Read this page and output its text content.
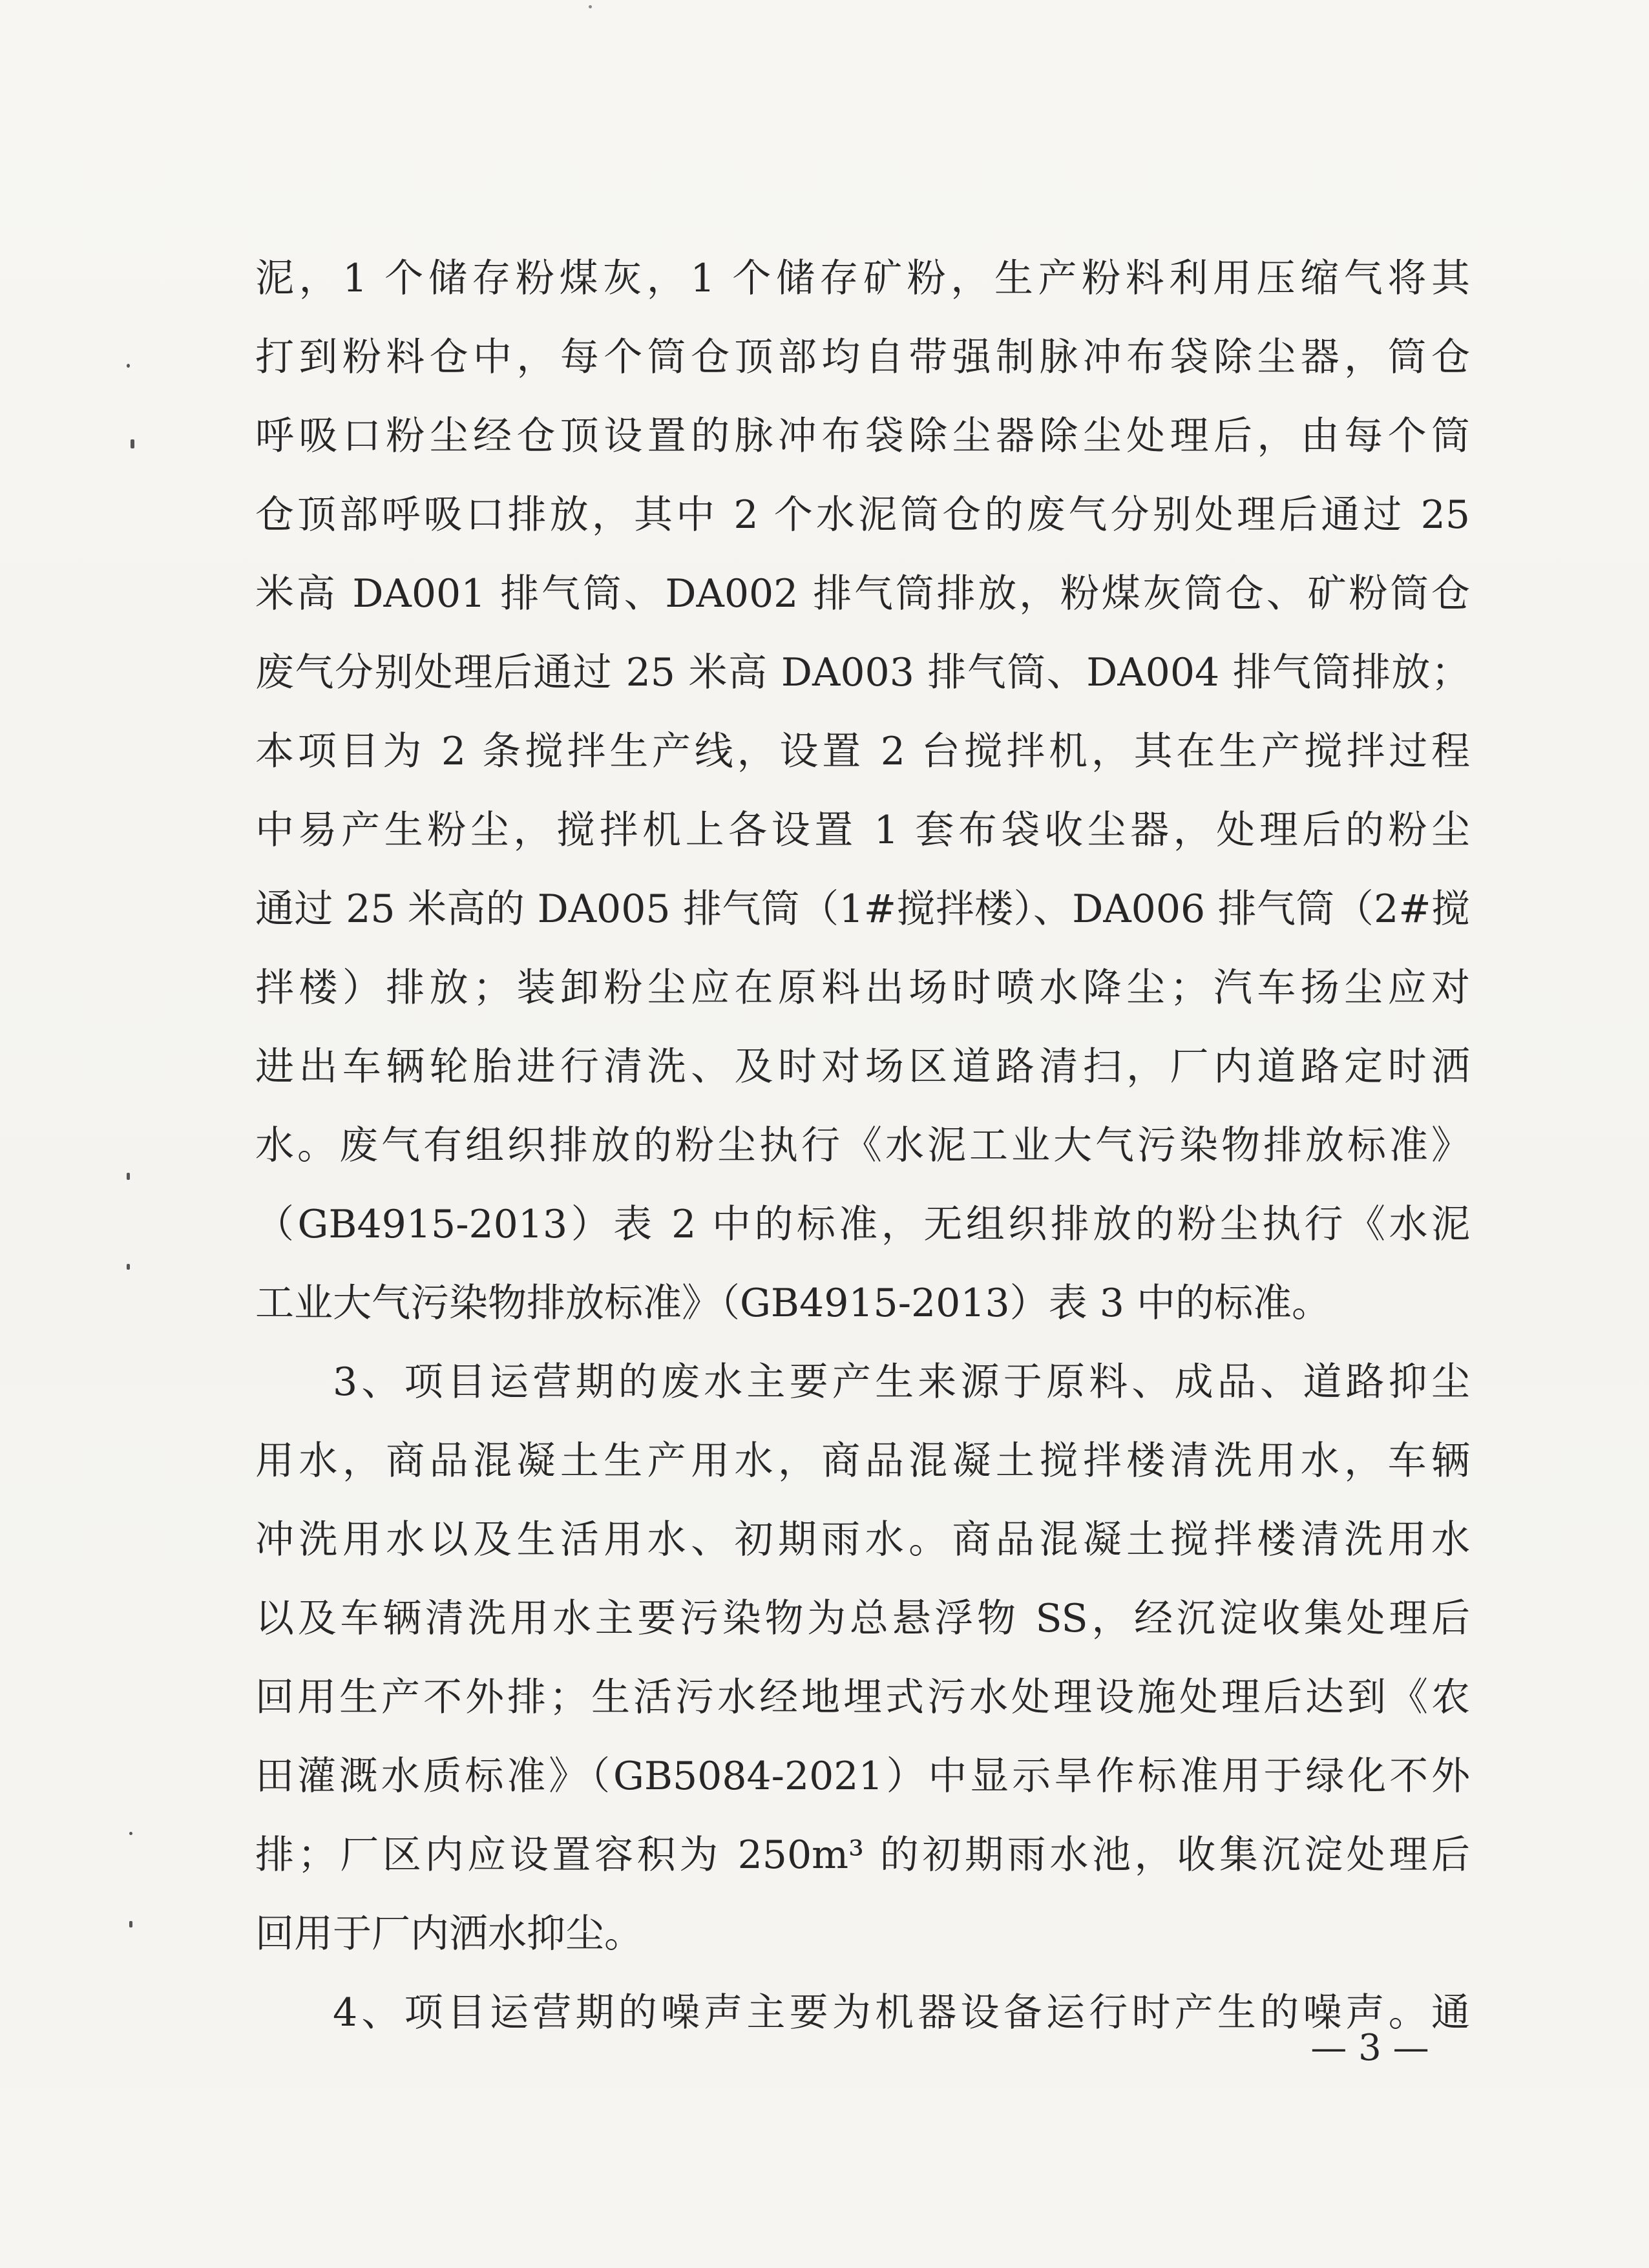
泥，1 个储存粉煤灰，1 个储存矿粉，生产粉料利用压缩气将其
打到粉料仓中，每个筒仓顶部均自带强制脉冲布袋除尘器，筒仓
呼吸口粉尘经仓顶设置的脉冲布袋除尘器除尘处理后，由每个筒
仓顶部呼吸口排放，其中 2 个水泥筒仓的废气分别处理后通过 25
米高 DA001 排气筒、DA002 排气筒排放，粉煤灰筒仓、矿粉筒仓
废气分别处理后通过 25 米高 DA003 排气筒、DA004 排气筒排放；
本项目为 2 条搅拌生产线，设置 2 台搅拌机，其在生产搅拌过程
中易产生粉尘，搅拌机上各设置 1 套布袋收尘器，处理后的粉尘
通过 25 米高的 DA005 排气筒（1#搅拌楼）、DA006 排气筒（2#搅
拌楼）排放；装卸粉尘应在原料出场时喷水降尘；汽车扬尘应对
进出车辆轮胎进行清洗、及时对场区道路清扫，厂内道路定时洒
水。废气有组织排放的粉尘执行《水泥工业大气污染物排放标准》
（GB4915-2013）表 2 中的标准，无组织排放的粉尘执行《水泥
工业大气污染物排放标准》（GB4915-2013）表 3 中的标准。
3、项目运营期的废水主要产生来源于原料、成品、道路抑尘
用水，商品混凝土生产用水，商品混凝土搅拌楼清洗用水，车辆
冲洗用水以及生活用水、初期雨水。商品混凝土搅拌楼清洗用水
以及车辆清洗用水主要污染物为总悬浮物 SS，经沉淀收集处理后
回用生产不外排；生活污水经地埋式污水处理设施处理后达到《农
田灌溉水质标准》（GB5084-2021）中显示旱作标准用于绿化不外
排；厂区内应设置容积为 250m³ 的初期雨水池，收集沉淀处理后
回用于厂内洒水抑尘。
4、项目运营期的噪声主要为机器设备运行时产生的噪声。通
— 3 —
